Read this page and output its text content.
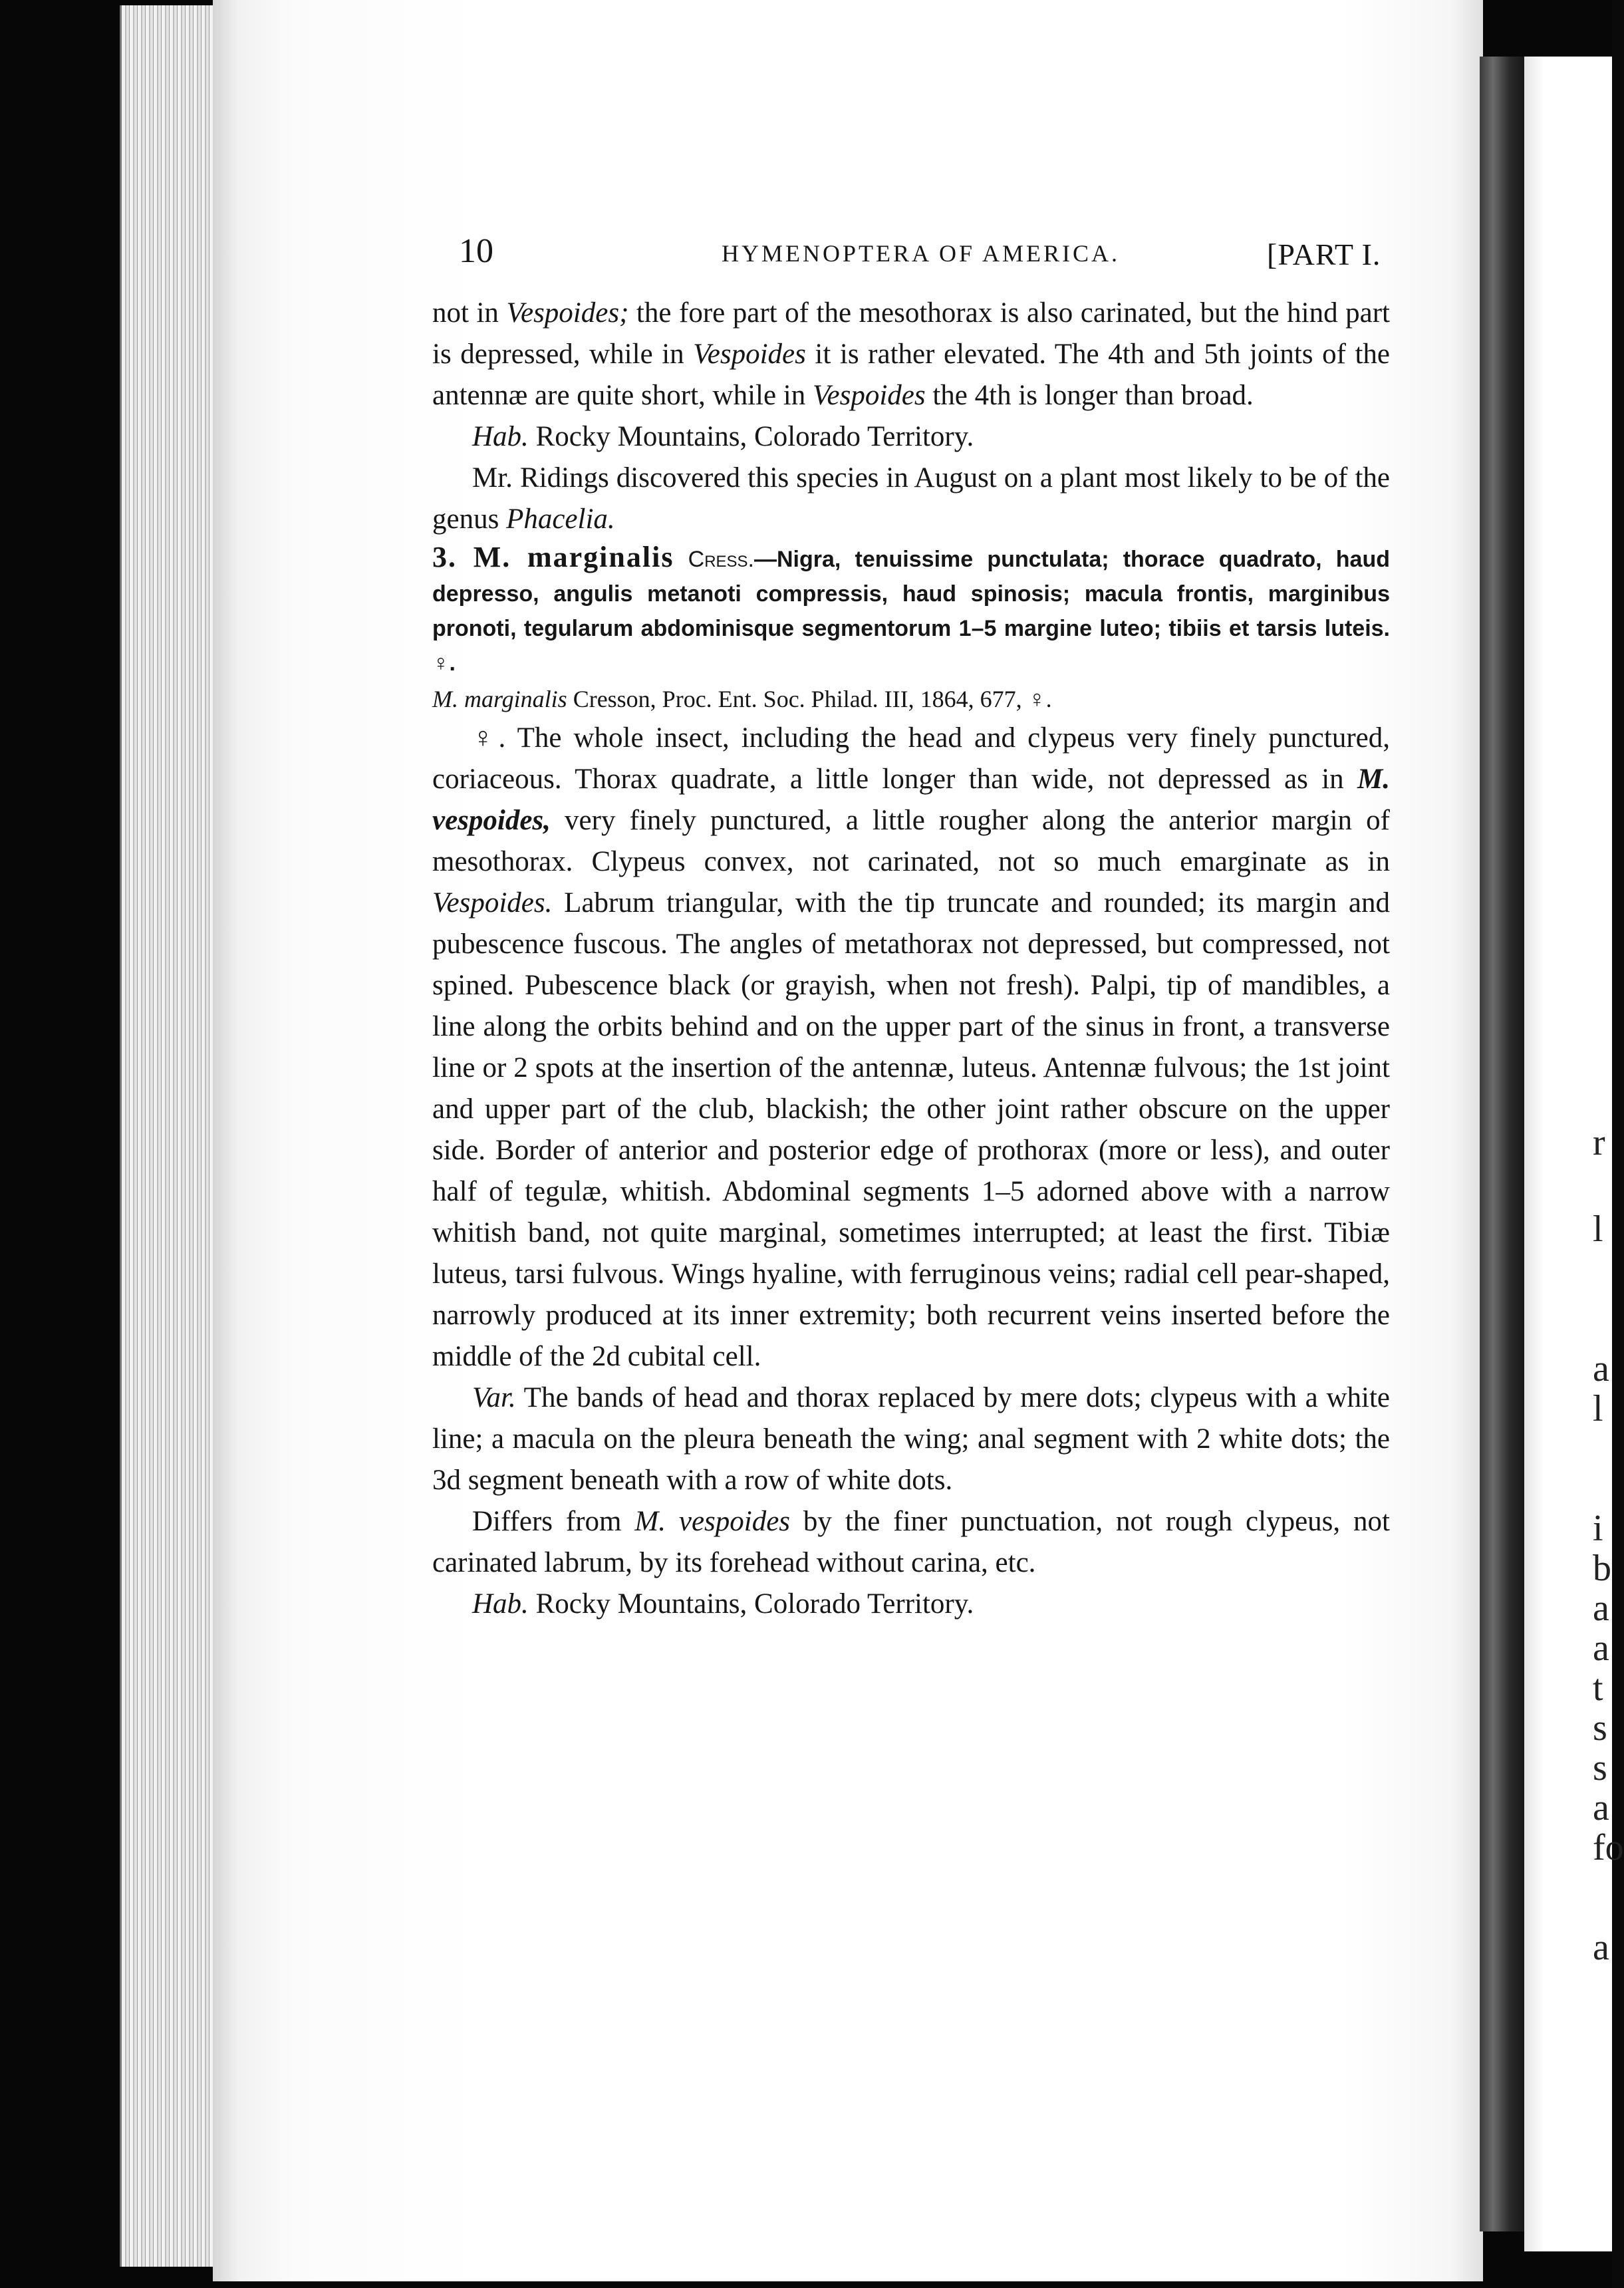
10	HYMENOPTERA OF AMERICA.	[PART I.

not in Vespoides; the fore part of the mesothorax is also carinated, but the hind part is depressed, while in Vespoides it is rather elevated. The 4th and 5th joints of the antennæ are quite short, while in Vespoides the 4th is longer than broad.

Hab. Rocky Mountains, Colorado Territory.

Mr. Ridings discovered this species in August on a plant most likely to be of the genus Phacelia.

3. M. marginalis Cress.—Nigra, tenuissime punctulata; thorace quadrato, haud depresso, angulis metanoti compressis, haud spinosis; macula frontis, marginibus pronoti, tegularum abdominisque segmentorum 1–5 margine luteo; tibiis et tarsis luteis. ♀.

M. marginalis Cresson, Proc. Ent. Soc. Philad. III, 1864, 677, ♀.

♀. The whole insect, including the head and clypeus very finely punctured, coriaceous. Thorax quadrate, a little longer than wide, not depressed as in M. vespoides, very finely punctured, a little rougher along the anterior margin of mesothorax. Clypeus convex, not carinated, not so much emarginate as in Vespoides. Labrum triangular, with the tip truncate and rounded; its margin and pubescence fuscous. The angles of metathorax not depressed, but compressed, not spined. Pubescence black (or grayish, when not fresh). Palpi, tip of mandibles, a line along the orbits behind and on the upper part of the sinus in front, a transverse line or 2 spots at the insertion of the antennæ, luteus. Antennæ fulvous; the 1st joint and upper part of the club, blackish; the other joint rather obscure on the upper side. Border of anterior and posterior edge of prothorax (more or less), and outer half of tegulæ, whitish. Abdominal segments 1–5 adorned above with a narrow whitish band, not quite marginal, sometimes interrupted; at least the first. Tibiæ luteus, tarsi fulvous. Wings hyaline, with ferruginous veins; radial cell pear-shaped, narrowly produced at its inner extremity; both recurrent veins inserted before the middle of the 2d cubital cell.

Var. The bands of head and thorax replaced by mere dots; clypeus with a white line; a macula on the pleura beneath the wing; anal segment with 2 white dots; the 3d segment beneath with a row of white dots.

Differs from M. vespoides by the finer punctuation, not rough clypeus, not carinated labrum, by its forehead without carina, etc.

Hab. Rocky Mountains, Colorado Territory.

r
l
a
l
i
b
a
a
t
s
s
a
fo
a
